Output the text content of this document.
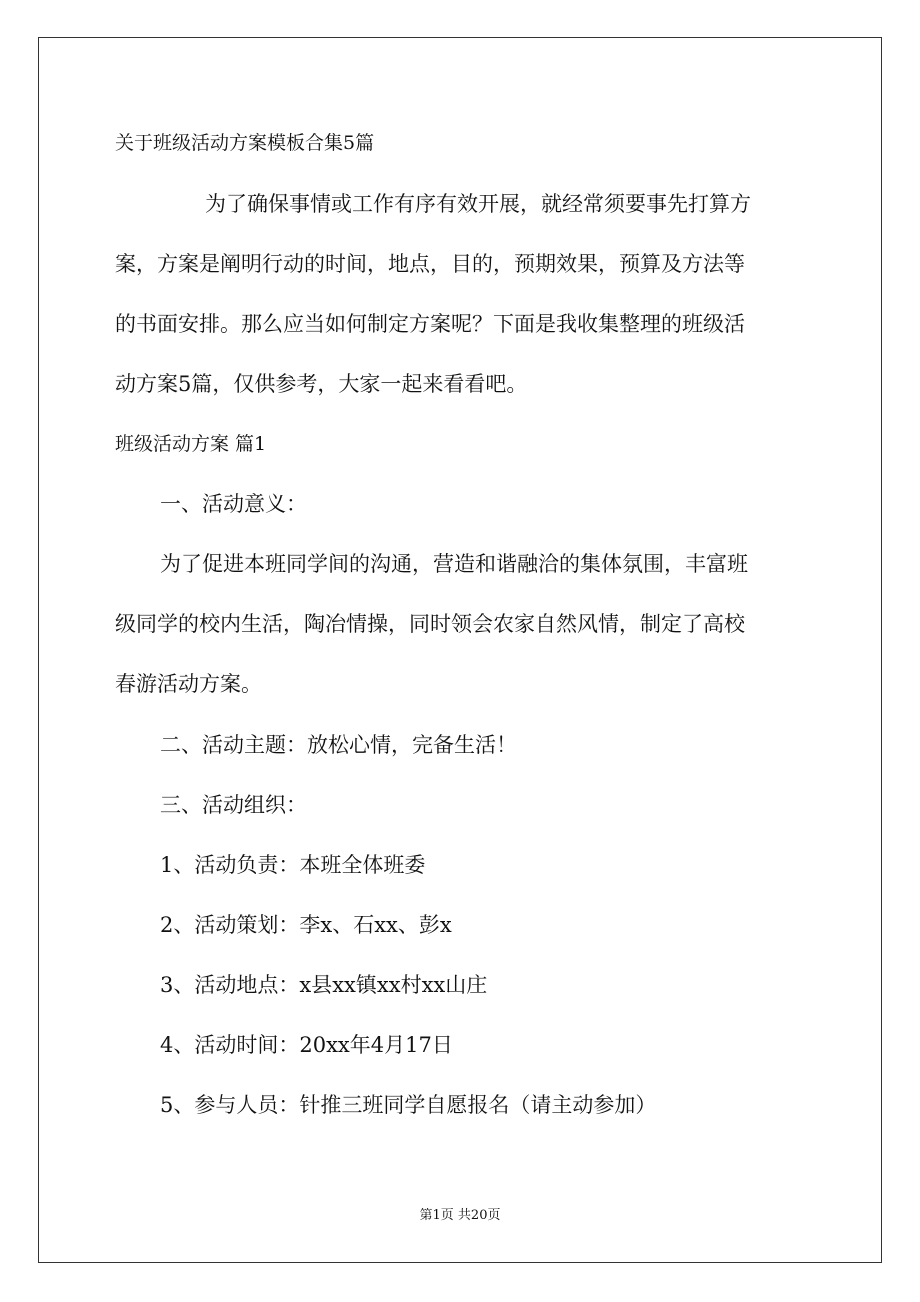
关于班级活动方案模板合集5篇
为了确保事情或工作有序有效开展，就经常须要事先打算方
案，方案是阐明行动的时间，地点，目的，预期效果，预算及方法等
的书面安排。那么应当如何制定方案呢？下面是我收集整理的班级活
动方案5篇，仅供参考，大家一起来看看吧。
班级活动方案 篇1
一、活动意义：
为了促进本班同学间的沟通，营造和谐融洽的集体氛围，丰富班
级同学的校内生活，陶冶情操，同时领会农家自然风情，制定了高校
春游活动方案。
二、活动主题：放松心情，完备生活！
三、活动组织：
1、活动负责：本班全体班委
2、活动策划：李x、石xx、彭x
3、活动地点：x县xx镇xx村xx山庄
4、活动时间：20xx年4月17日
5、参与人员：针推三班同学自愿报名（请主动参加）
第1页 共20页
